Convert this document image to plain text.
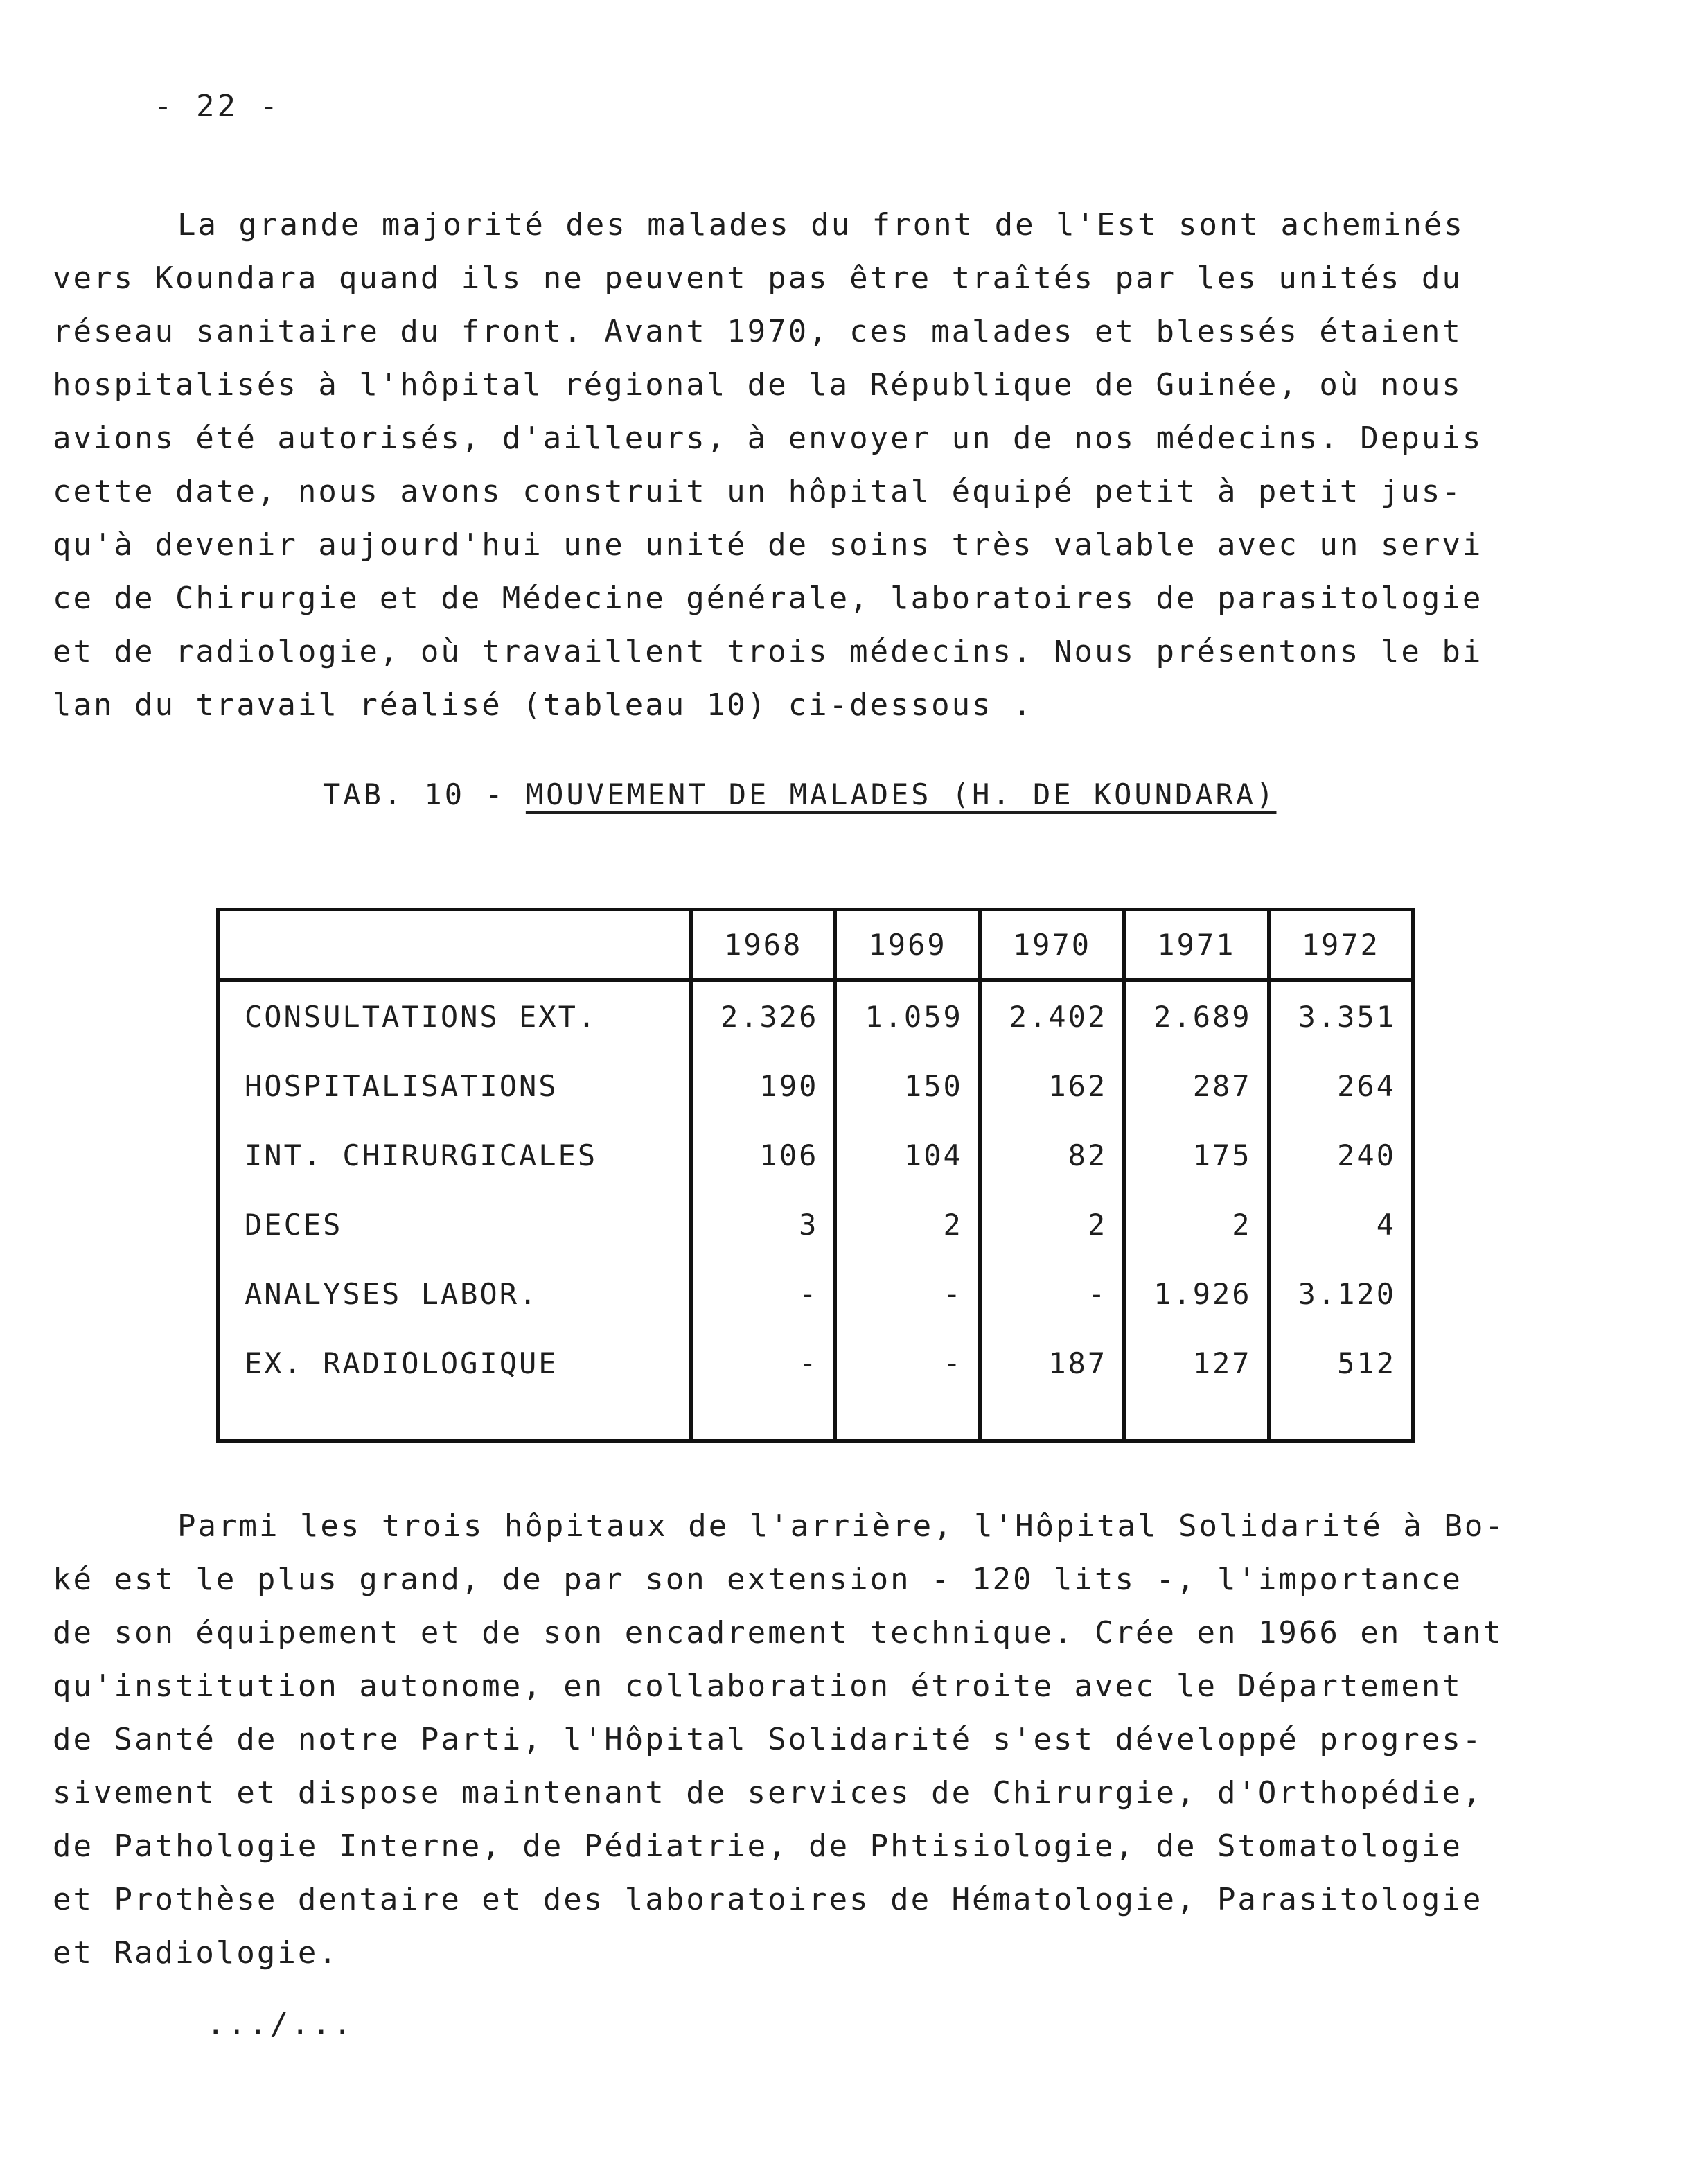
- 22 -

La grande majorité des malades du front de l'Est sont acheminés

vers Koundara quand ils ne peuvent pas être traîtés par les unités du

réseau sanitaire du front. Avant 1970, ces malades et blessés étaient

hospitalisés à l'hôpital régional de la République de Guinée, où nous

avions été autorisés, d'ailleurs, à envoyer un de nos médecins. Depuis

cette date, nous avons construit un hôpital équipé petit à petit jus-

qu'à devenir aujourd'hui une unité de soins très valable avec un servi

ce de Chirurgie et de Médecine générale, laboratoires de parasitologie

et de radiologie, où travaillent trois médecins. Nous présentons le bi

lan du travail réalisé (tableau 10) ci-dessous .

TAB. 10 - MOUVEMENT DE MALADES (H. DE KOUNDARA)
	1968	1969	1970	1971	1972
CONSULTATIONS EXT.	2.326	1.059	2.402	2.689	3.351
HOSPITALISATIONS	190	150	162	287	264
INT. CHIRURGICALES	106	104	82	175	240
DECES	3	2	2	2	4
ANALYSES LABOR.	-	-	-	1.926	3.120
EX. RADIOLOGIQUE	-	-	187	127	512

Parmi les trois hôpitaux de l'arrière, l'Hôpital Solidarité à Bo-

ké est le plus grand, de par son extension - 120 lits -, l'importance

de son équipement et de son encadrement technique. Crée en 1966 en tant

qu'institution autonome, en collaboration étroite avec le Département

de Santé de notre Parti, l'Hôpital Solidarité s'est développé progres-

sivement et dispose maintenant de services de Chirurgie, d'Orthopédie,

de Pathologie Interne, de Pédiatrie, de Phtisiologie, de Stomatologie

et Prothèse dentaire et des laboratoires de Hématologie, Parasitologie

et Radiologie.

.../...
